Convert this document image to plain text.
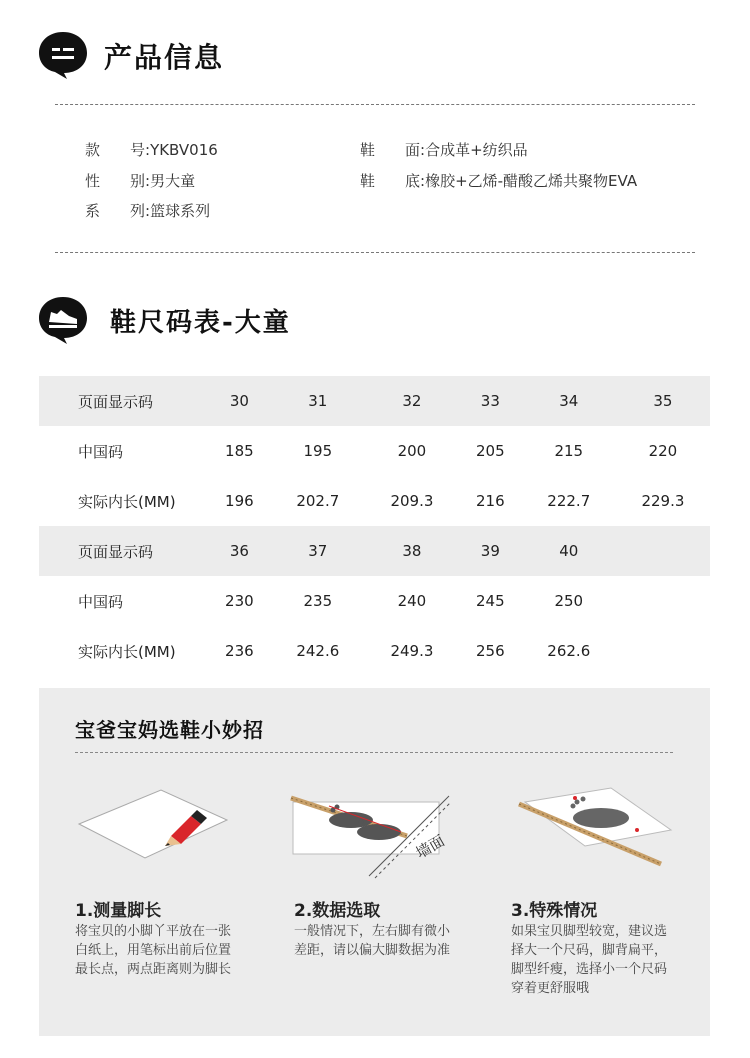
产品信息
款　　号:YKBV016
性　　别:男大童
系　　列:篮球系列
鞋　　面:合成革+纺织品
鞋　　底:橡胶+乙烯-醋酸乙烯共聚物EVA
鞋尺码表-大童
页面显示码	30	31	32	33	34	35
中国码	185	195	200	205	215	220
实际内长(MM)	196	202.7	209.3	216	222.7	229.3
页面显示码	36	37	38	39	40	
中国码	230	235	240	245	250	
实际内长(MM)	236	242.6	249.3	256	262.6	
宝爸宝妈选鞋小妙招
墙面
1.测量脚长
将宝贝的小脚丫平放在一张白纸上，用笔标出前后位置最长点，两点距离则为脚长
2.数据选取
一般情况下，左右脚有微小差距，请以偏大脚数据为准
3.特殊情况
如果宝贝脚型较宽，建议选择大一个尺码，脚背扁平，脚型纤瘦，选择小一个尺码穿着更舒服哦
